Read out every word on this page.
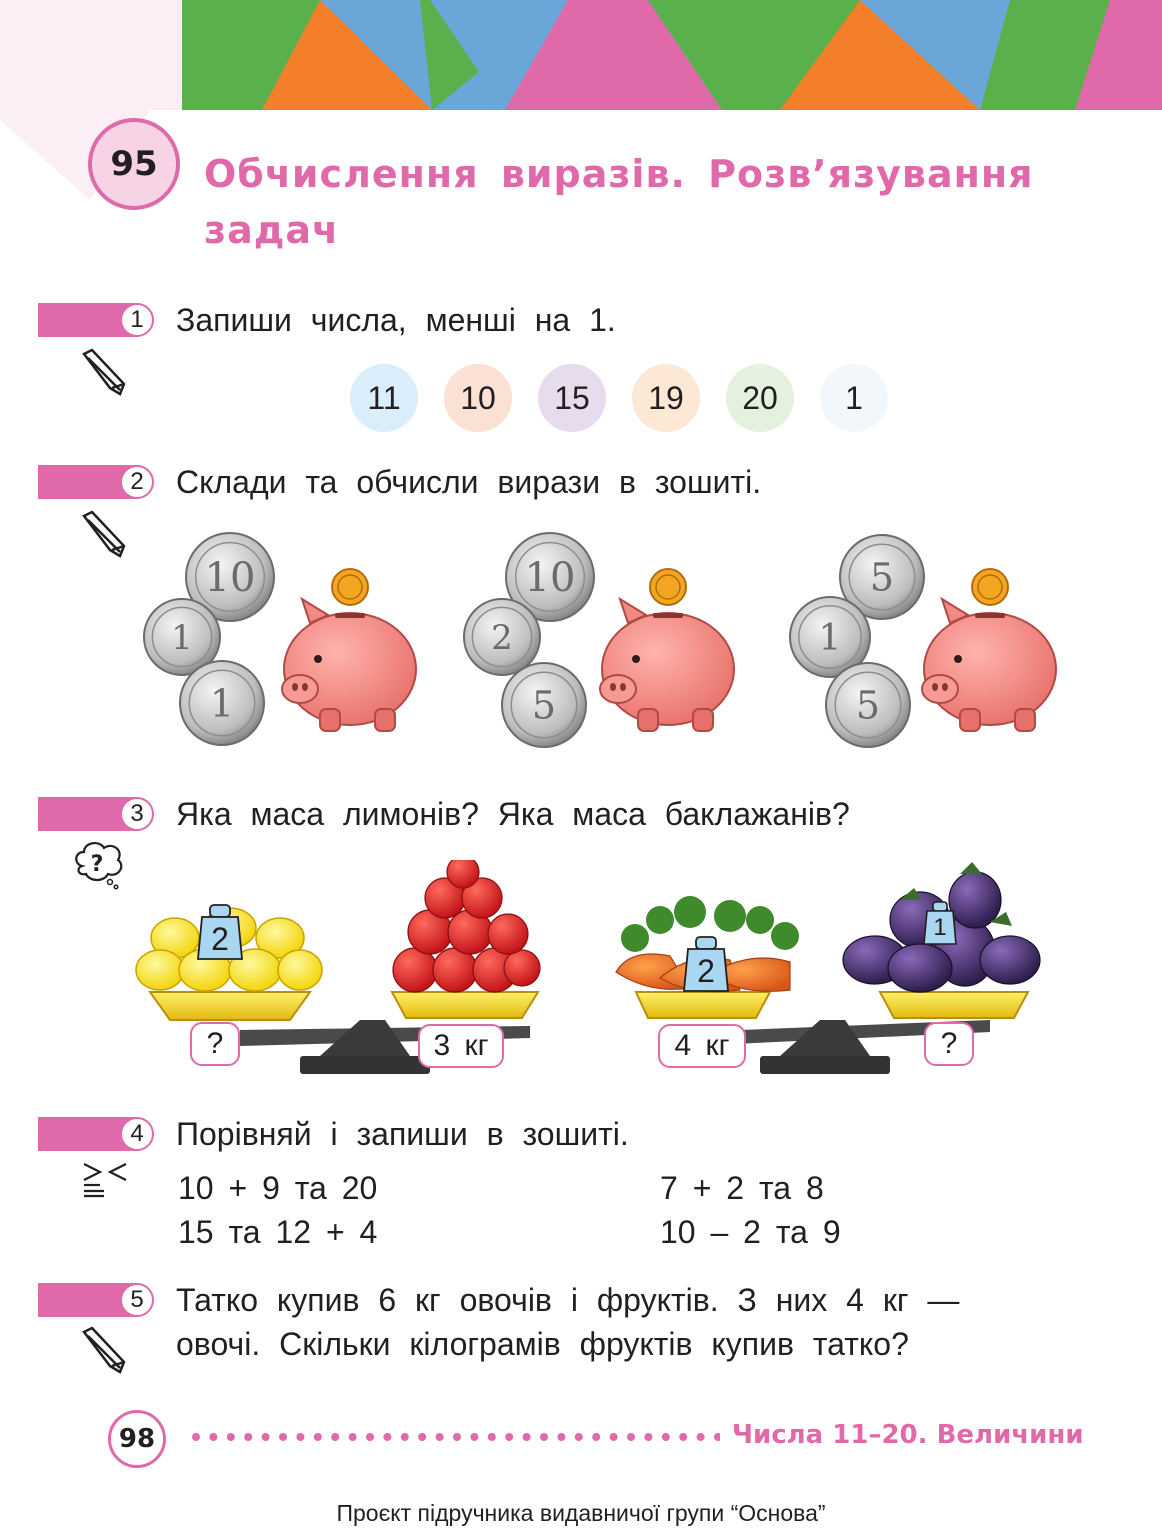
95	Обчислення виразів. Розв’язування задач
1	Запиши числа, менші на 1.
11	10	15	19	20	1
2	Склади та обчисли вирази в зошиті.
10
1
1
10
2
5
5
1
5
3	Яка маса лимонів? Яка маса баклажанів?
?
2
2
1
?	3 кг	4 кг	?
4	Порівняй і запиши в зошиті.
10 + 9 та 20
15 та 12 + 4
7 + 2 та 8
10 – 2 та 9
5	Татко купив 6 кг овочів і фруктів. З них 4 кг —
овочі. Скільки кілограмів фруктів купив татко?
98	Числа 11–20. Величини
Проєкт підручника видавничої групи “Основа”
